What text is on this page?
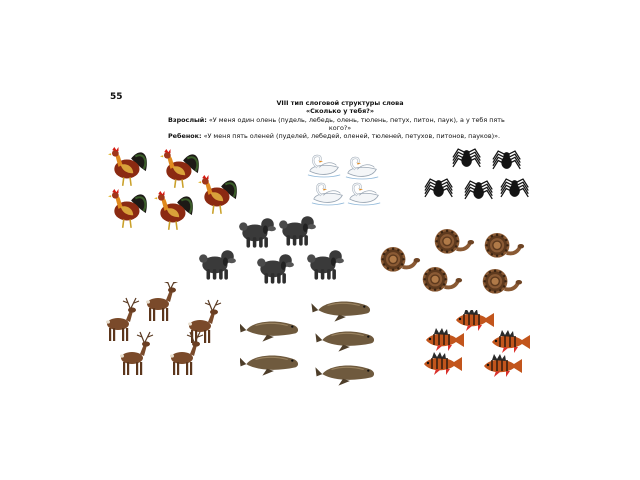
55
VIII тип слоговой структуры слова
«Сколько у тебя?»
Взрослый: «У меня один олень (пудель, лебедь, олень, тюлень, петух, питон, паук), а у тебя пять
кого?»
Ребенок: «У меня пять оленей (пуделей, лебедей, оленей, тюленей, петухов, питонов, пауков)».
